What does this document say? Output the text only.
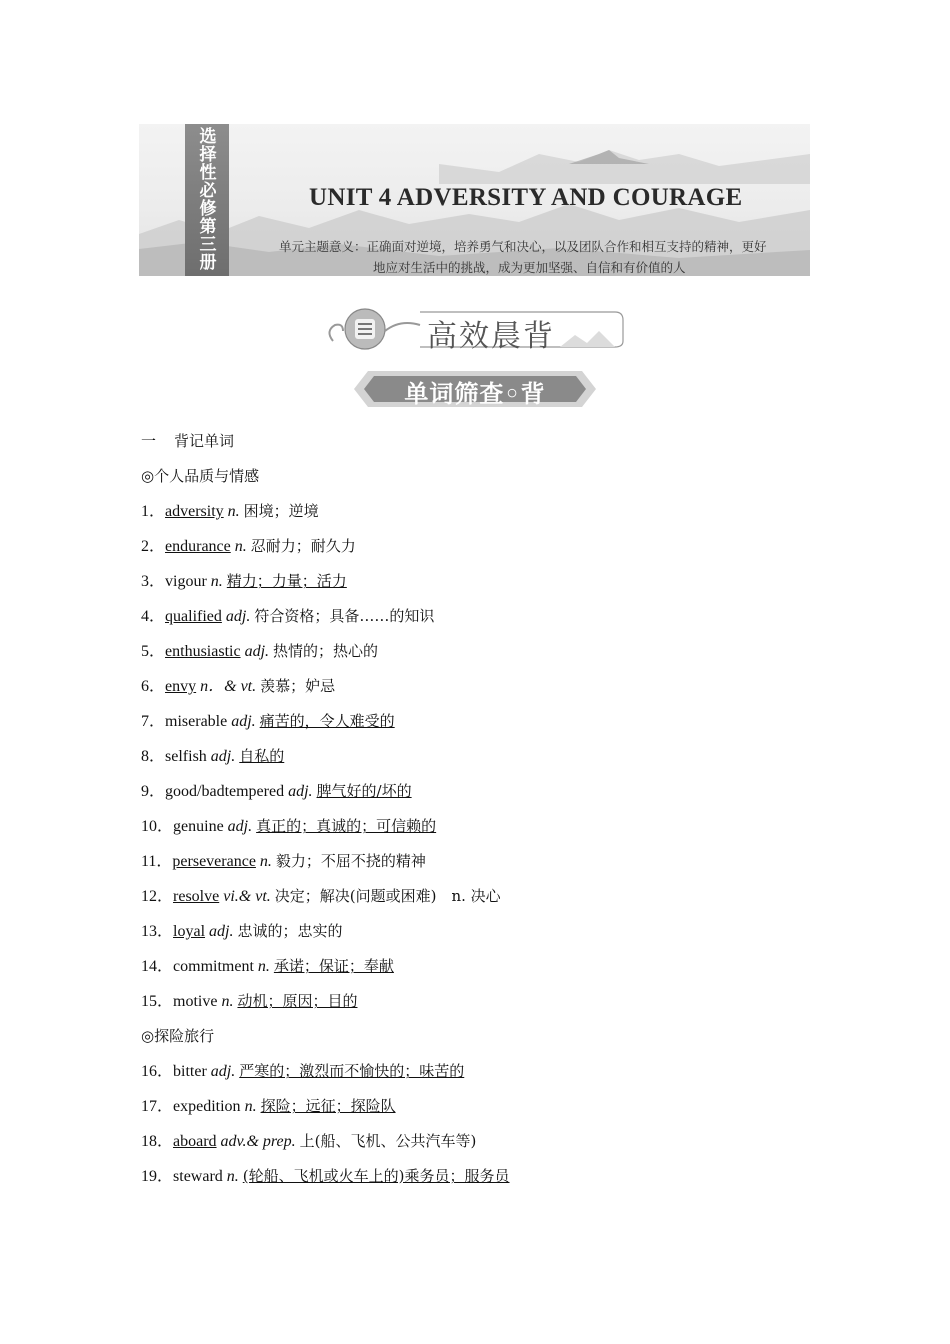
选择性必修第三册
UNIT 4 ADVERSITY AND COURAGE
单元主题意义：正确面对逆境，培养勇气和决心，以及团队合作和相互支持的精神，更好
地应对生活中的挑战，成为更加坚强、自信和有价值的人
高效晨背
单词筛查◦背
一 背记单词
◎个人品质与情感
1．adversity n. 困境；逆境
2．endurance n. 忍耐力；耐久力
3．vigour n. 精力；力量；活力
4．qualified adj. 符合资格；具备……的知识
5．enthusiastic adj. 热情的；热心的
6．envy n．& vt. 羡慕；妒忌
7．miserable adj. 痛苦的，令人难受的
8．selfish adj. 自私的
9．good/badtempered adj. 脾气好的/坏的
10．genuine adj. 真正的；真诚的；可信赖的
11．perseverance n. 毅力；不屈不挠的精神
12．resolve vi.& vt. 决定；解决(问题或困难)　n. 决心
13．loyal adj. 忠诚的；忠实的
14．commitment n. 承诺；保证；奉献
15．motive n. 动机；原因；目的
◎探险旅行
16．bitter adj. 严寒的；激烈而不愉快的；味苦的
17．expedition n. 探险；远征；探险队
18．aboard adv.& prep. 上(船、飞机、公共汽车等)
19．steward n. (轮船、飞机或火车上的)乘务员；服务员
